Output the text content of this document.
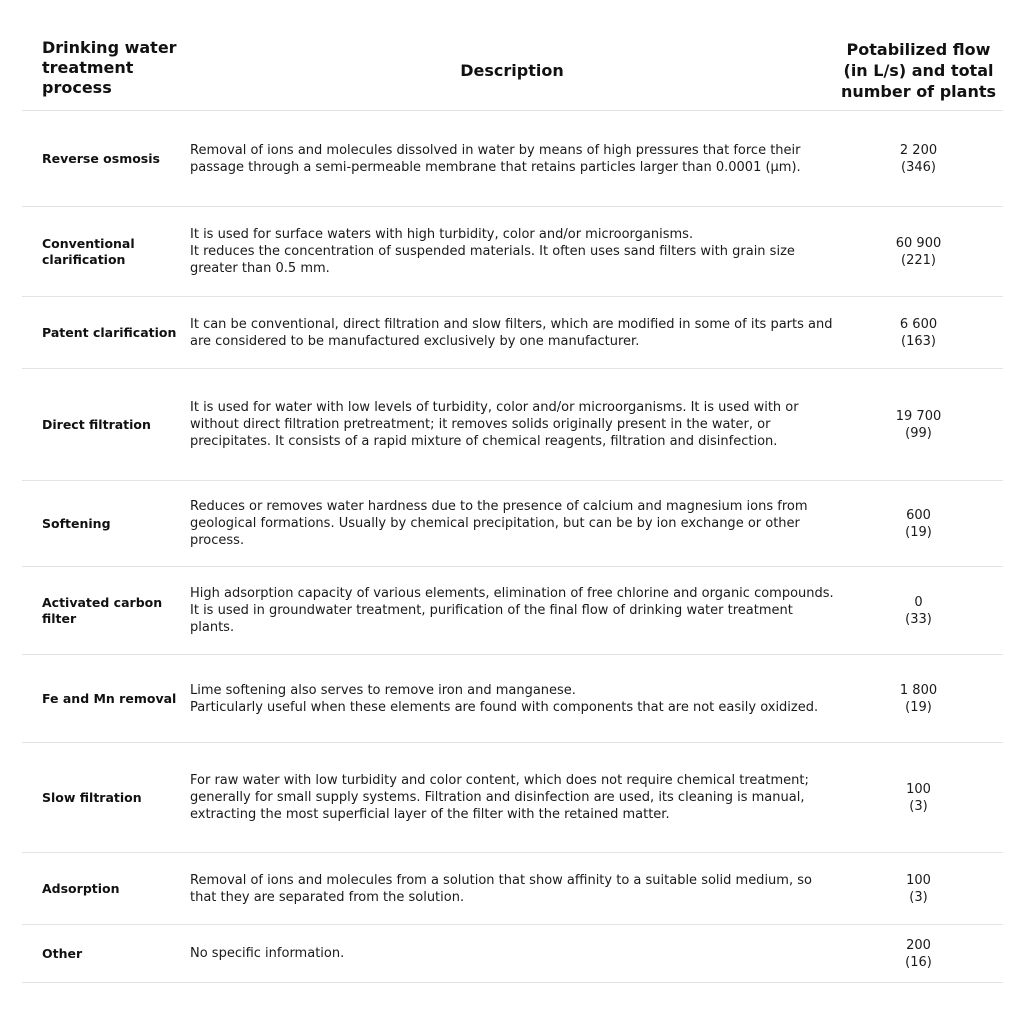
Drinking water treatment process
Description
Potabilized flow (in L/s) and total number of plants
Reverse osmosis
Removal of ions and molecules dissolved in water by means of high pressures that force their passage through a semi-permeable membrane that retains particles larger than 0.0001 (μm).
2 200
(346)
Conventional clarification
It is used for surface waters with high turbidity, color and/or microorganisms.
It reduces the concentration of suspended materials. It often uses sand filters with grain size greater than 0.5 mm.
60 900
(221)
Patent clarification
It can be conventional, direct filtration and slow filters, which are modified in some of its parts and are considered to be manufactured exclusively by one manufacturer.
6 600
(163)
Direct filtration
It is used for water with low levels of turbidity, color and/or microorganisms. It is used with or without direct filtration pretreatment; it removes solids originally present in the water, or precipitates. It consists of a rapid mixture of chemical reagents, filtration and disinfection.
19 700
(99)
Softening
Reduces or removes water hardness due to the presence of calcium and magnesium ions from geological formations. Usually by chemical precipitation, but can be by ion exchange or other process.
600
(19)
Activated carbon filter
High adsorption capacity of various elements, elimination of free chlorine and organic compounds. It is used in groundwater treatment, purification of the final flow of drinking water treatment plants.
0
(33)
Fe and Mn removal
Lime softening also serves to remove iron and manganese.
Particularly useful when these elements are found with components that are not easily oxidized.
1 800
(19)
Slow filtration
For raw water with low turbidity and color content, which does not require chemical treatment; generally for small supply systems. Filtration and disinfection are used, its cleaning is manual, extracting the most superficial layer of the filter with the retained matter.
100
(3)
Adsorption
Removal of ions and molecules from a solution that show affinity to a suitable solid medium, so that they are separated from the solution.
100
(3)
Other	No specific information.
200
(16)
